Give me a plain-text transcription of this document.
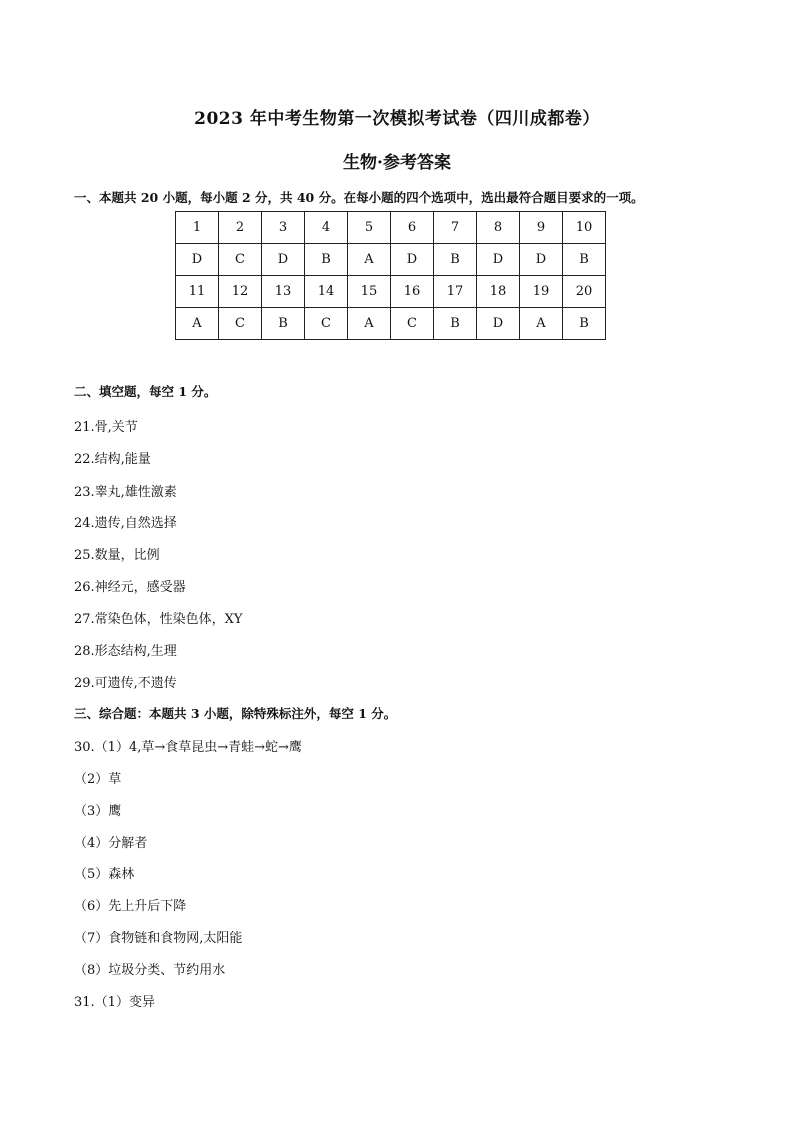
2023 年中考生物第一次模拟考试卷（四川成都卷）
生物·参考答案
一、本题共 20 小题，每小题 2 分，共 40 分。在每小题的四个选项中，选出最符合题目要求的一项。
1	2	3	4	5	6	7	8	9	10
D	C	D	B	A	D	B	D	D	B
11	12	13	14	15	16	17	18	19	20
A	C	B	C	A	C	B	D	A	B
二、填空题，每空 1 分。
21.骨,关节
22.结构,能量
23.睾丸,雄性激素
24.遗传,自然选择
25.数量，比例
26.神经元，感受器
27.常染色体，性染色体，XY
28.形态结构,生理
29.可遗传,不遗传
三、综合题：本题共 3 小题，除特殊标注外，每空 1 分。
30.（1）4,草→食草昆虫→青蛙→蛇→鹰
（2）草
（3）鹰
（4）分解者
（5）森林
（6）先上升后下降
（7）食物链和食物网,太阳能
（8）垃圾分类、节约用水
31.（1）变异
